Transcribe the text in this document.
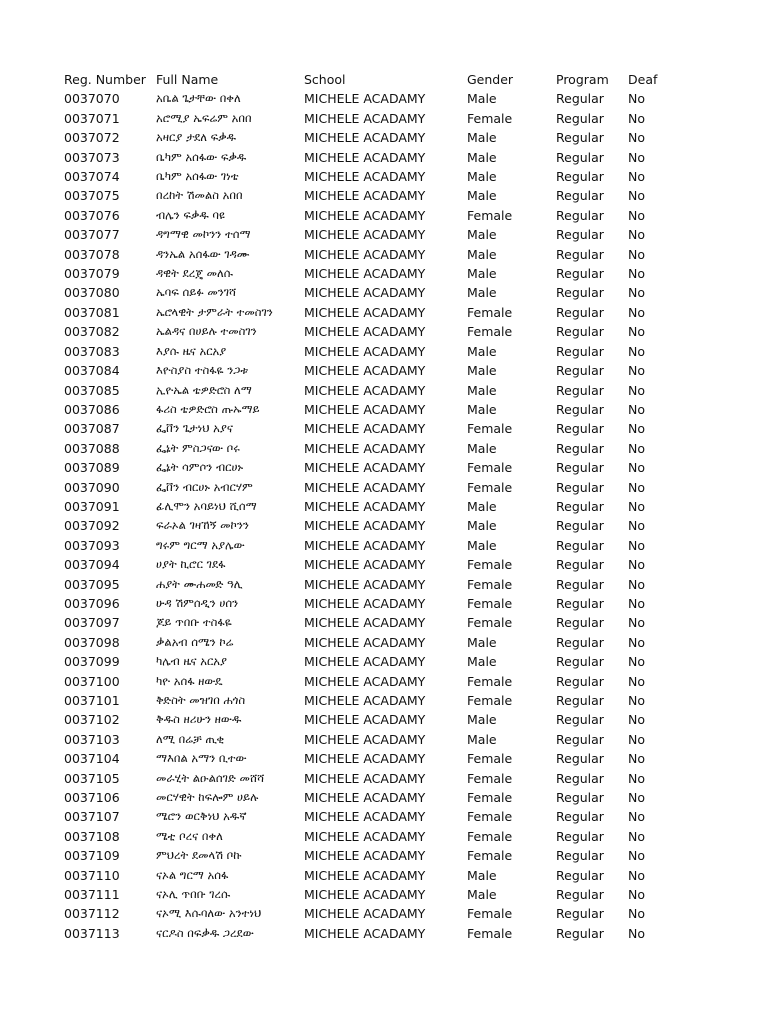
Reg. Number	Full Name	School	Gender	Program	Deaf
0037070	አቤል ጌታቸው በቀለ	MICHELE ACADAMY	Male	Regular	No
0037071	አሮሚያ ኤፍሬም አበበ	MICHELE ACADAMY	Female	Regular	No
0037072	አዛርያ ታደለ ፍቃዱ	MICHELE ACADAMY	Male	Regular	No
0037073	ቤካም አሰፋው ፍቃዱ	MICHELE ACADAMY	Male	Regular	No
0037074	ቤካም አሰፋው ገነቴ	MICHELE ACADAMY	Male	Regular	No
0037075	በረከት ሽመልስ አበበ	MICHELE ACADAMY	Male	Regular	No
0037076	ብሌን ፍቃዱ ባዩ	MICHELE ACADAMY	Female	Regular	No
0037077	ዳግማዊ መኮንን ተሰማ	MICHELE ACADAMY	Male	Regular	No
0037078	ዳንኤል አሰፋው ገዳሙ	MICHELE ACADAMY	Male	Regular	No
0037079	ዳዊት ደረጄ መለሱ	MICHELE ACADAMY	Male	Regular	No
0037080	ኤባፍ ሰይፉ መንገሻ	MICHELE ACADAMY	Male	Regular	No
0037081	ኤሮላዊት ታምራት ተመስገን	MICHELE ACADAMY	Female	Regular	No
0037082	ኤልዳና በሀይሉ ተመስገን	MICHELE ACADAMY	Female	Regular	No
0037083	እያሱ ዜና አርአያ	MICHELE ACADAMY	Male	Regular	No
0037084	እዮስያስ ተስፋዬ ንጋቱ	MICHELE ACADAMY	Male	Regular	No
0037085	ኢዮኤል ቴዎድሮስ ለማ	MICHELE ACADAMY	Male	Regular	No
0037086	ፋሪስ ቴዎድሮስ ጡኡማይ	MICHELE ACADAMY	Male	Regular	No
0037087	ፌቨን ጌታነህ አያና	MICHELE ACADAMY	Female	Regular	No
0037088	ፌኔት ምስጋናው ቦሩ	MICHELE ACADAMY	Male	Regular	No
0037089	ፌኔት ሳምሶን ብርሀኑ	MICHELE ACADAMY	Female	Regular	No
0037090	ፌቨን ብርሀኑ አብርሃም	MICHELE ACADAMY	Female	Regular	No
0037091	ፊሊሞን አባይነህ ሺሰማ	MICHELE ACADAMY	Male	Regular	No
0037092	ፍራኦል ገዛኸኝ መኮንን	MICHELE ACADAMY	Male	Regular	No
0037093	ግሩም ግርማ አያሌው	MICHELE ACADAMY	Male	Regular	No
0037094	ሀያት ኪሮር ገደፋ	MICHELE ACADAMY	Female	Regular	No
0037095	ሐያት ሙሐመድ ዓሊ	MICHELE ACADAMY	Female	Regular	No
0037096	ሁዳ ሽምሰዲን ሀሰን	MICHELE ACADAMY	Female	Regular	No
0037097	ጆይ ጥበቡ ተስፋዬ	MICHELE ACADAMY	Female	Regular	No
0037098	ቃልአብ ሰሜን ኮሬ	MICHELE ACADAMY	Male	Regular	No
0037099	ካሌብ ዜና አርአያ	MICHELE ACADAMY	Male	Regular	No
0037100	ካዮ አሰፋ ዘውዴ	MICHELE ACADAMY	Female	Regular	No
0037101	ቅድስት መዝገበ ሐጎስ	MICHELE ACADAMY	Female	Regular	No
0037102	ቅዱስ ዘሪሁን ዘውዱ	MICHELE ACADAMY	Male	Regular	No
0037103	ለሚ በሬቻ ጢቂ	MICHELE ACADAMY	Male	Regular	No
0037104	ማእበል አማን ቢተው	MICHELE ACADAMY	Female	Regular	No
0037105	መራሂት ልዑልሰገድ መሸሻ	MICHELE ACADAMY	Female	Regular	No
0037106	መርሃዊት ከፍሎም ሀይሉ	MICHELE ACADAMY	Female	Regular	No
0037107	ሜሮን ወርቅነህ አዱኛ	MICHELE ACADAMY	Female	Regular	No
0037108	ሜቲ ቦረና በቀለ	MICHELE ACADAMY	Female	Regular	No
0037109	ምህረት ደመላሽ ቦኩ	MICHELE ACADAMY	Female	Regular	No
0037110	ናኦል ግርማ አሰፋ	MICHELE ACADAMY	Male	Regular	No
0037111	ናኦሊ ጥበቡ ገረሱ	MICHELE ACADAMY	Male	Regular	No
0037112	ናኦሚ እሱባለው አንተነህ	MICHELE ACADAMY	Female	Regular	No
0037113	ናርዶስ በፍቃዱ ጋረደው	MICHELE ACADAMY	Female	Regular	No
